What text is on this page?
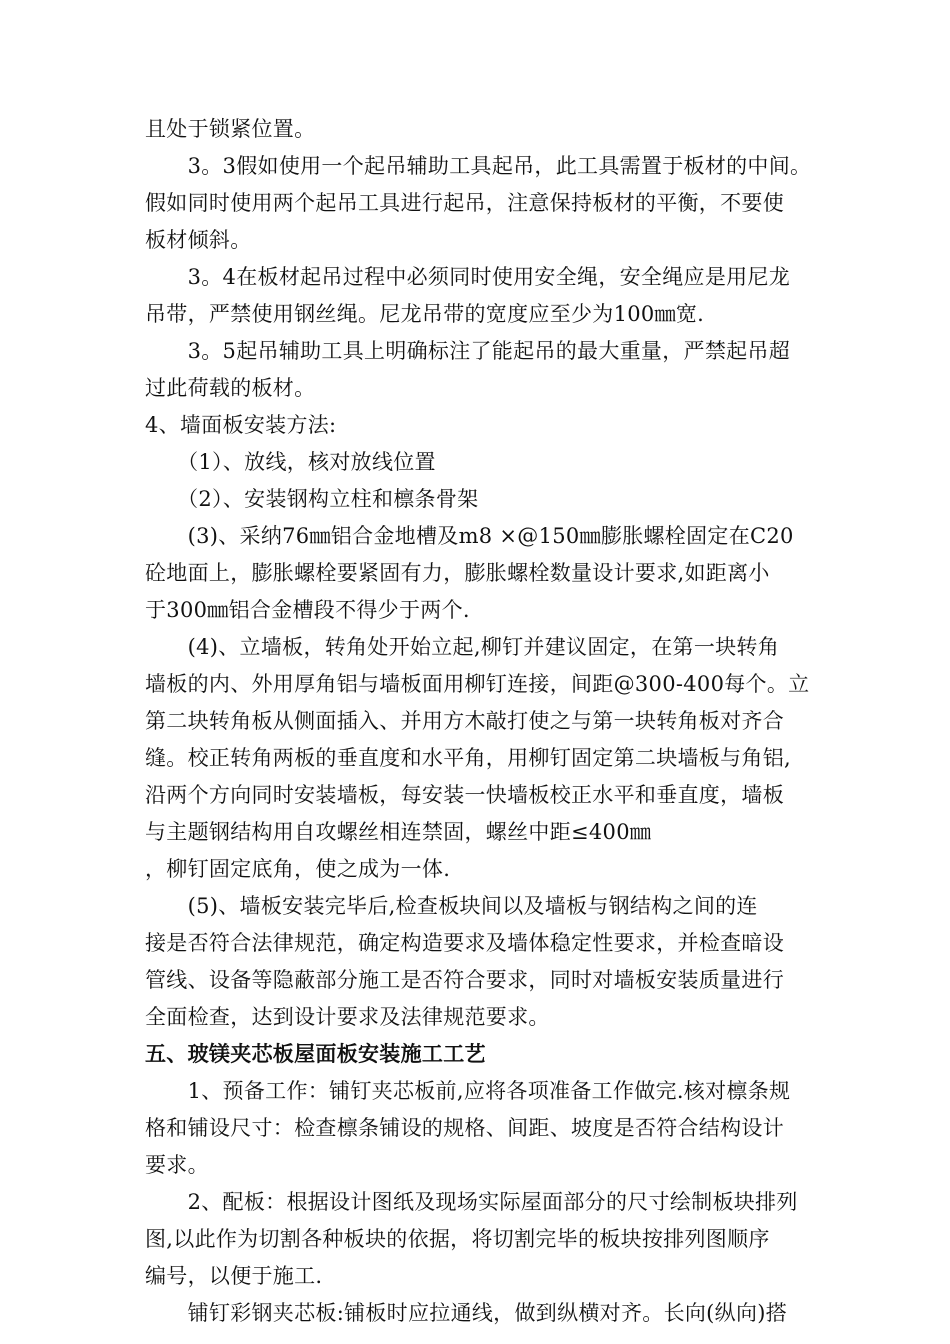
且处于锁紧位置。
　　3。3假如使用一个起吊辅助工具起吊，此工具需置于板材的中间。
假如同时使用两个起吊工具进行起吊，注意保持板材的平衡，不要使
板材倾斜。
　　3。4在板材起吊过程中必须同时使用安全绳，安全绳应是用尼龙
吊带，严禁使用钢丝绳。尼龙吊带的宽度应至少为100㎜宽.
　　3。5起吊辅助工具上明确标注了能起吊的最大重量，严禁起吊超
过此荷载的板材。
4、墙面板安装方法:
　　（1）、放线，核对放线位置
　　（2）、安装钢构立柱和檩条骨架
　　(3)、采纳76㎜铝合金地槽及m8 ×@150㎜膨胀螺栓固定在C20
砼地面上，膨胀螺栓要紧固有力，膨胀螺栓数量设计要求,如距离小
于300㎜铝合金槽段不得少于两个.
　　(4)、立墙板，转角处开始立起,柳钉并建议固定，在第一块转角
墙板的内、外用厚角铝与墙板面用柳钉连接，间距@300-400每个。立
第二块转角板从侧面插入、并用方木敲打使之与第一块转角板对齐合
缝。校正转角两板的垂直度和水平角，用柳钉固定第二块墙板与角铝,
沿两个方向同时安装墙板，每安装一快墙板校正水平和垂直度，墙板
与主题钢结构用自攻螺丝相连禁固，螺丝中距≤400㎜
，柳钉固定底角，使之成为一体.
　　(5)、墙板安装完毕后,检查板块间以及墙板与钢结构之间的连
接是否符合法律规范，确定构造要求及墙体稳定性要求，并检查暗设
管线、设备等隐蔽部分施工是否符合要求，同时对墙板安装质量进行
全面检查，达到设计要求及法律规范要求。
五、玻镁夹芯板屋面板安装施工工艺
　　1、预备工作：铺钉夹芯板前,应将各项准备工作做完.核对檩条规
格和铺设尺寸：检查檩条铺设的规格、间距、坡度是否符合结构设计
要求。
　　2、配板：根据设计图纸及现场实际屋面部分的尺寸绘制板块排列
图,以此作为切割各种板块的依据，将切割完毕的板块按排列图顺序
编号，以便于施工.
　　铺钉彩钢夹芯板:铺板时应拉通线，做到纵横对齐。长向(纵向)搭
